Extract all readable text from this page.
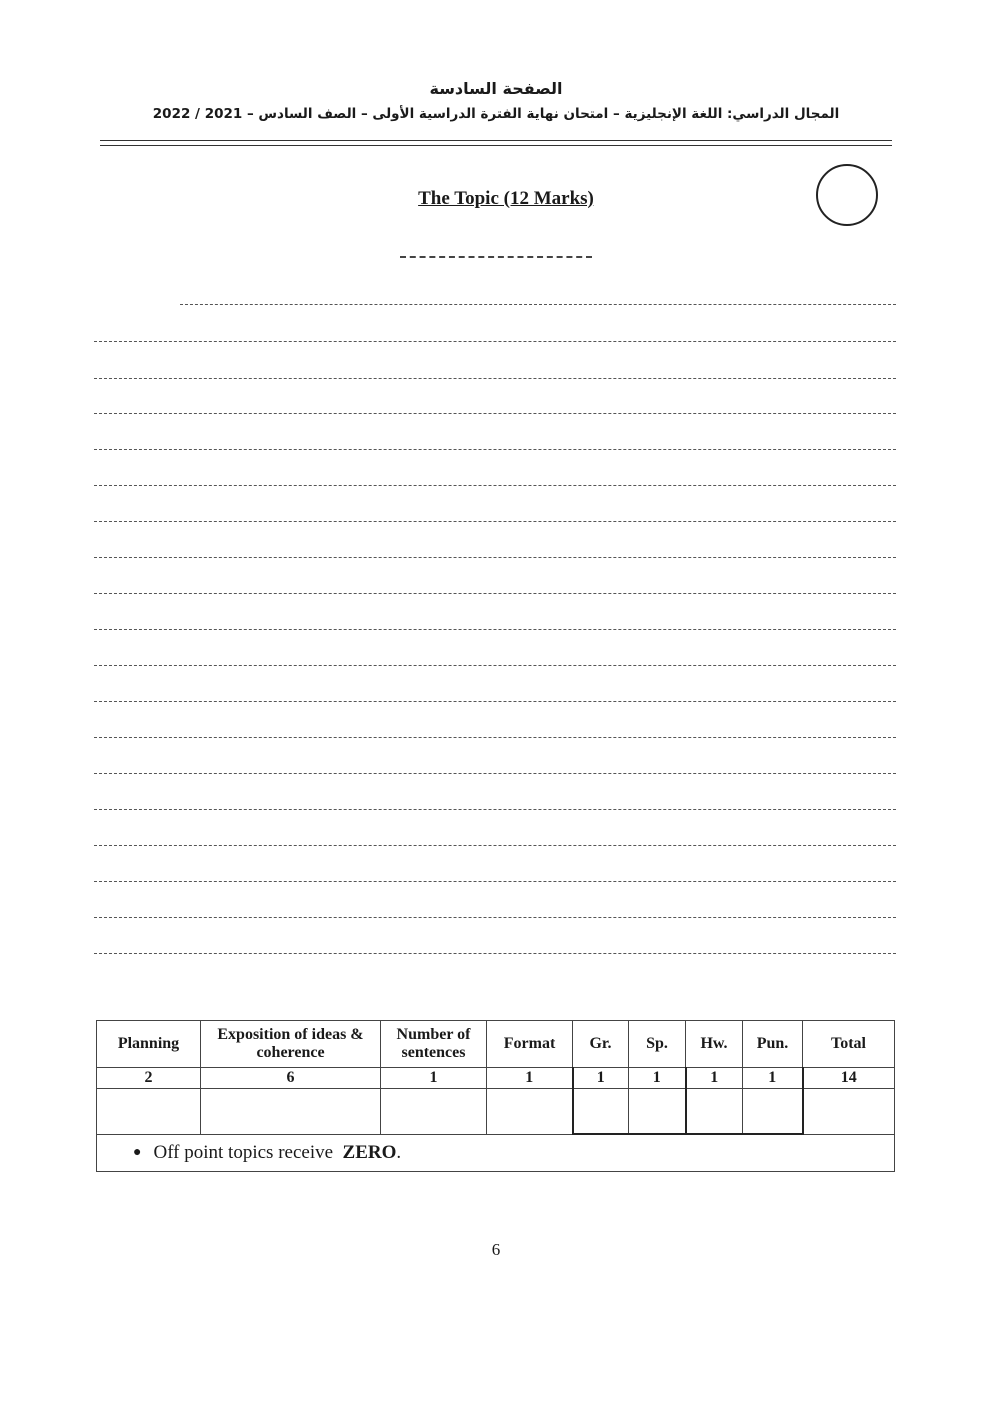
الصفحة السادسة
المجال الدراسي: اللغة الإنجليزية – امتحان نهاية الفترة الدراسية الأولى – الصف السادس – 2021 / 2022
The Topic (12 Marks)
Planning	Exposition of ideas & coherence	Number of sentences	Format	Gr.	Sp.	Hw.	Pun.	Total
2	6	1	1	1	1	1	1	14

● Off point topics receive ZERO.								
6
